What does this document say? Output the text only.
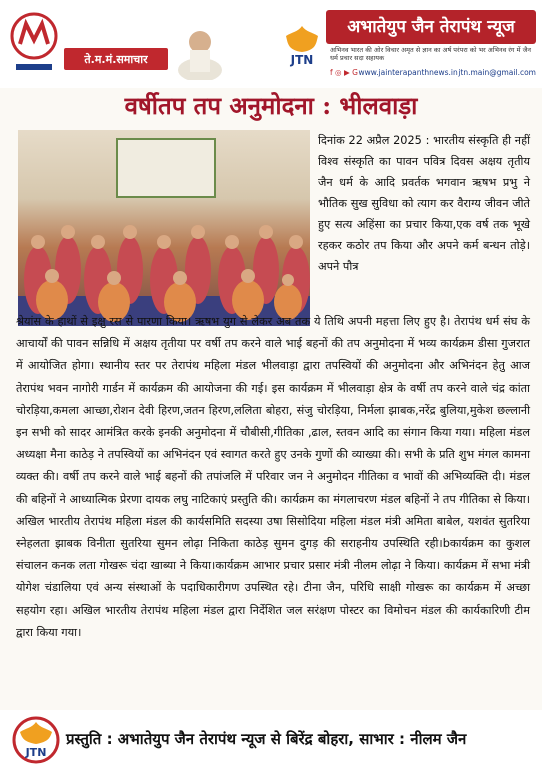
ते.म.मं.समाचार	JTN
अभातेयुप जैन तेरापंथ न्यूज
अभिनव भारत की ओर विचार अमृत से ज्ञान का अर्ष परंपरा को भर अभिनव रंग में जैन धर्म प्रचार सदा सहायक
f ◎ ▶ G www.jainterapanthnews.in jtn.main@gmail.com
वर्षीतप तप अनुमोदना : भीलवाड़ा

दिनांक 22 अप्रैल 2025 : भारतीय संस्कृति ही नहीं विश्व संस्कृति का पावन पवित्र दिवस अक्षय तृतीय जैन धर्म के आदि प्रवर्तक भगवान ऋषभ प्रभु ने भौतिक सुख सुविधा को त्याग कर वैराग्य जीवन जीते हुए सत्य अहिंसा का प्रचार किया,एक वर्ष तक भूखे रहकर कठोर तप किया और अपने कर्म बन्धन तोड़े। अपने पौत्र

श्रेयांस के हाथों से इक्षु रस से पारणा किया। ऋषभ युग से लेकर अब तक ये तिथि अपनी महत्ता लिए हुए है। तेरापंथ धर्म संघ के आचार्यों की पावन सन्निधि में अक्षय तृतीया पर वर्षी तप करने वाले भाई बहनों की तप अनुमोदना में भव्य कार्यक्रम डीसा गुजरात में आयोजित होगा। स्थानीय स्तर पर तेरापंथ महिला मंडल भीलवाड़ा द्वारा तपस्वियों की अनुमोदना और अभिनंदन हेतु आज तेरापंथ भवन नागोरी गार्डन में कार्यक्रम की आयोजना की गई। इस कार्यक्रम में भीलवाड़ा क्षेत्र के वर्षी तप करने वाले चंद्र कांता चोरड़िया,कमला आच्छा,रोशन देवी हिरण,जतन हिरण,ललिता बोहरा, संजु चोरड़िया, निर्मला झाबक,नरेंद्र बुलिया,मुकेश छल्लानी इन सभी को सादर आमंत्रित करके इनकी अनुमोदना में चौबीसी,गीतिका ,ढाल, स्तवन आदि का संगान किया गया। महिला मंडल अध्यक्षा मैना काठेड़ ने तपस्वियों का अभिनंदन एवं स्वागत करते हुए उनके गुणों की व्याख्या की। सभी के प्रति शुभ मंगल कामना व्यक्त की। वर्षी तप करने वाले भाई बहनों की तपांजलि में परिवार जन ने अनुमोदन गीतिका व भावों की अभिव्यक्ति दी। मंडल की बहिनों ने आध्यात्मिक प्रेरणा दायक लघु नाटिकाएं प्रस्तुति की। कार्यक्रम का मंगलाचरण मंडल बहिनों ने तप गीतिका से किया। अखिल भारतीय तेरापंथ महिला मंडल की कार्यसमिति सदस्या उषा सिसोदिया महिला मंडल मंत्री अमिता बाबेल, यशवंत सुतरिया स्नेहलता झाबक विनीता सुतरिया सुमन लोढ़ा निकिता काठेड़ सुमन दुगड़ की सराहनीय उपस्थिति रही।bकार्यक्रम का कुशल संचालन कनक लता गोखरू चंदा खाब्या ने किया।कार्यक्रम आभार प्रचार प्रसार मंत्री नीलम लोढ़ा ने किया। कार्यक्रम में सभा मंत्री योगेश चंडालिया एवं अन्य संस्थाओं के पदाधिकारीगण उपस्थित रहे। टीना जैन, परिधि साक्षी गोखरू का कार्यक्रम में अच्छा सहयोग रहा। अखिल भारतीय तेरापंथ महिला मंडल द्वारा निर्देशित जल सरंक्षण पोस्टर का विमोचन मंडल की कार्यकारिणी टीम द्वारा किया गया।

JTN
प्रस्तुति : अभातेयुप जैन तेरापंथ न्यूज से बिरेंद्र बोहरा, साभार : नीलम जैन
